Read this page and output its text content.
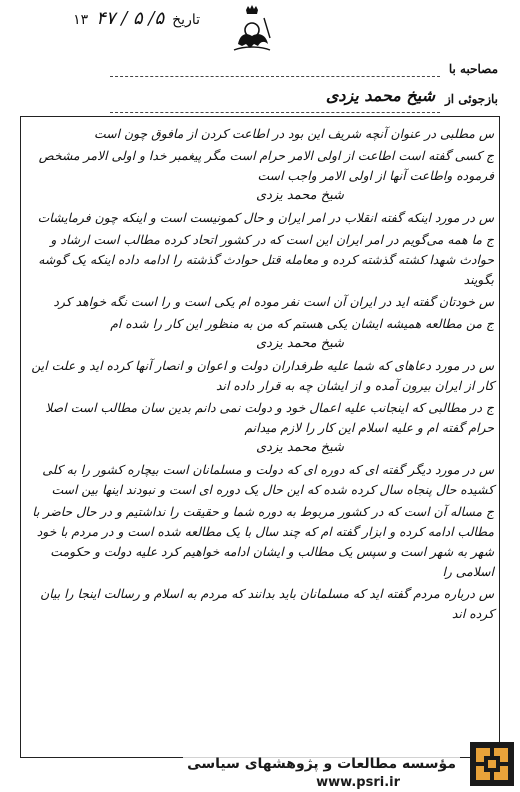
تاریخ
۵/ ۵ / ۴۷
۱۳
مصاحبه با
بازجوئی از
شیخ محمد یزدی

س مطلبی در عنوان آنچه شریف این بود در اطاعت کردن از مافوق چون است

ج کسی گفته است اطاعت از اولی الامر حرام است مگر پیغمبر خدا و اولی الامر مشخص فرموده واطاعت آنها از اولی الامر واجب است

شیخ محمد یزدی

س در مورد اینکه گفته انقلاب در امر ایران و حال کمونیست است و اینکه چون فرمایشات

ج ما همه می‌گویم در امر ایران این است که در کشور اتحاد کرده مطالب است ارشاد و حوادث شهدا کشته گذشته کرده و معامله قتل حوادث گذشته را ادامه داده اینکه یک گوشه بگویند

س خودتان گفته اید در ایران آن است نفر موده ام یکی است و را است نگه خواهد کرد

ج من مطالعه همیشه ایشان یکی هستم که من به منظور این کار را شده ام

شیخ محمد یزدی

س در مورد دعاهای که شما علیه طرفداران دولت و اعوان و انصار آنها کرده اید و علت این کار از ایران بیرون آمده و از ایشان چه به قرار داده اند

ج در مطالبی که اینجانب علیه اعمال خود و دولت نمی دانم بدین سان مطالب است اصلا حرام گفته ام و علیه اسلام این کار را لازم میدانم

شیخ محمد یزدی

س در مورد دیگر گفته ای که دوره ای که دولت و مسلمانان است بیچاره کشور را به کلی کشیده حال پنجاه سال کرده شده که این حال یک دوره ای است و نبودند اینها بین است

ج مساله آن است که در کشور مربوط به دوره شما و حقیقت را نداشتیم و در حال حاضر با مطالب ادامه کرده و ابزار گفته ام که چند سال با یک مطالعه شده است و در مردم با خود شهر به شهر است و سپس یک مطالب و ایشان ادامه خواهیم کرد علیه دولت و حکومت اسلامی را

س درباره مردم گفته اید که مسلمانان باید بدانند که مردم به اسلام و رسالت اینجا را بیان کرده اند

مؤسسه مطالعات و پژوهشهای سیاسی
www.psri.ir
